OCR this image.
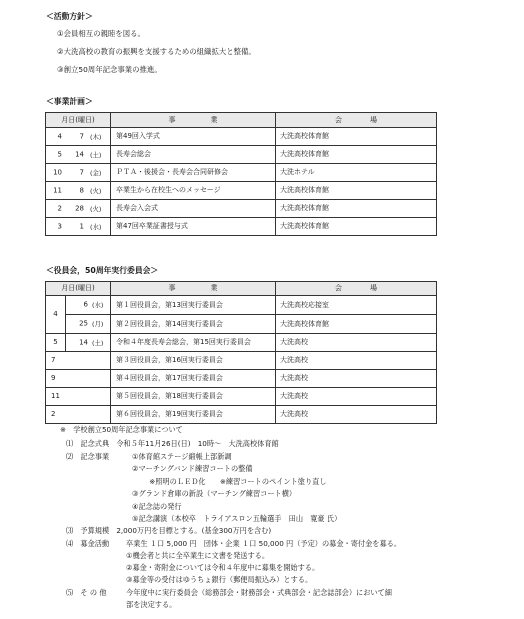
＜活動方針＞
①会員相互の親睦を図る。
②大洗高校の教育の振興を支援するための組織拡大と整備。
③創立50周年記念事業の推進。
＜事業計画＞
月日(曜日)	事　　　　　業	会　　　　場

4 7 (木)	第49回入学式	大洗高校体育館

5 14 (土)	長寿会総会	大洗高校体育館

10 7 (金)	ＰＴＡ・後援会・長寿会合同研修会	大洗ホテル

11 8 (火)	卒業生から在校生へのメッセージ	大洗高校体育館

2 28 (火)	長寿会入会式	大洗高校体育館

3 1 (水)	第47回卒業証書授与式	大洗高校体育館
＜役員会，50周年実行委員会＞
月日(曜日)		事　　　　　業	会　　　　場
4	6 (水)	第１回役員会，第13回実行委員会	大洗高校応接室

	25 (月)	第２回役員会，第14回実行委員会	大洗高校体育館
5	14 (土)	令和４年度長寿会総会，第15回実行委員会	大洗高校
7		第３回役員会，第16回実行委員会	大洗高校
9		第４回役員会，第17回実行委員会	大洗高校
11		第５回役員会，第18回実行委員会	大洗高校
2		第６回役員会，第19回実行委員会	大洗高校
※　学校創立50周年記念事業について
⑴　記念式典　令和５年11月26日(日)　10時～　大洗高校体育館
⑵　記念事業	①体育館ステージ緞帳上部新調
②マーチングバンド練習コートの整備
　※照明のＬＥＤ化　　※練習コートのペイント塗り直し
③グランド倉庫の新設（マーチング練習コート横）
④記念誌の発行
⑤記念講演（本校卒　トライアスロン五輪選手　田山　寛豪 氏）
⑶　予算規模　2,000万円を目標とする。(基金300万円を含む)
⑷　募金活動 卒業生 １口 5,000 円　団体・企業 １口 50,000 円（予定）の募金・寄付金を募る。
①機会者と共に全卒業生に文書を発送する。
②募金・寄附金については令和４年度中に募集を開始する。
③募金等の受付はゆうちょ銀行（郵便局振込み）とする。
⑸　そ の 他	今年度中に実行委員会（総務部会・財務部会・式典部会・記念誌部会）において細
部を決定する。
